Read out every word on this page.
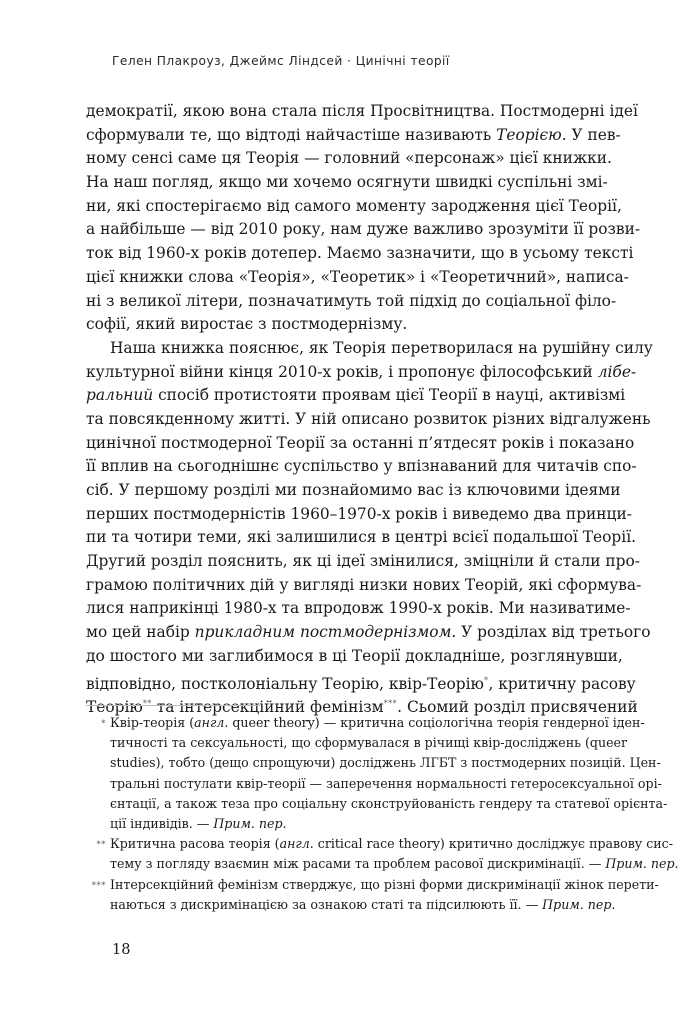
Гелен Плакроуз, Джеймс Ліндсей · Цинічні теорії
демократії, якою вона стала після Просвітництва. Постмодерні ідеї
сформували те, що відтоді найчастіше називають Теорією. У пев-
ному сенсі саме ця Теорія — головний «персонаж» цієї книжки.
На наш погляд, якщо ми хочемо осягнути швидкі суспільні змі-
ни, які спостерігаємо від самого моменту зародження цієї Теорії,
а найбільше — від 2010 року, нам дуже важливо зрозуміти її розви-
ток від 1960-х років дотепер. Маємо зазначити, що в усьому тексті
цієї книжки слова «Теорія», «Теоретик» і «Теоретичний», написа-
ні з великої літери, позначатимуть той підхід до соціальної філо-
софії, який виростає з постмодернізму.
Наша книжка пояснює, як Теорія перетворилася на рушійну силу
культурної війни кінця 2010-х років, і пропонує філософський лібе-
ральний спосіб протистояти проявам цієї Теорії в науці, активізмі
та повсякденному житті. У ній описано розвиток різних відгалужень
цинічної постмодерної Теорії за останні п’ятдесят років і показано
її вплив на сьогоднішнє суспільство у впізнаваний для читачів спо-
сіб. У першому розділі ми познайомимо вас із ключовими ідеями
перших постмодерністів 1960–1970-х років і виведемо два принци-
пи та чотири теми, які залишилися в центрі всієї подальшої Теорії.
Другий розділ пояснить, як ці ідеї змінилися, зміцніли й стали про-
грамою політичних дій у вигляді низки нових Теорій, які сформува-
лися наприкінці 1980-х та впродовж 1990-х років. Ми називатиме-
мо цей набір прикладним постмодернізмом. У розділах від третього
до шостого ми заглибимося в ці Теорії докладніше, розглянувши,
відповідно, постколоніальну Теорію, квір-Теорію*, критичну расову
Теорію** та інтерсекційний фемінізм***. Сьомий розділ присвячений
* Квір-теорія (англ. queer theory) — критична соціологічна теорія гендерної іден-
тичності та сексуальності, що сформувалася в річищі квір-досліджень (queer
studies), тобто (дещо спрощуючи) досліджень ЛГБТ з постмодерних позицій. Цен-
тральні постулати квір-теорії — заперечення нормальності гетеросексуальної орі-
єнтації, а також теза про соціальну сконструйованість гендеру та статевої орієнта-
ції індивідів. — Прим. пер.
** Критична расова теорія (англ. critical race theory) критично досліджує правову сис-
тему з погляду взаємин між расами та проблем расової дискримінації. — Прим. пер.
*** Інтерсекційний фемінізм стверджує, що різні форми дискримінації жінок перети-
наються з дискримінацією за ознакою статі та підсилюють її. — Прим. пер.
18
